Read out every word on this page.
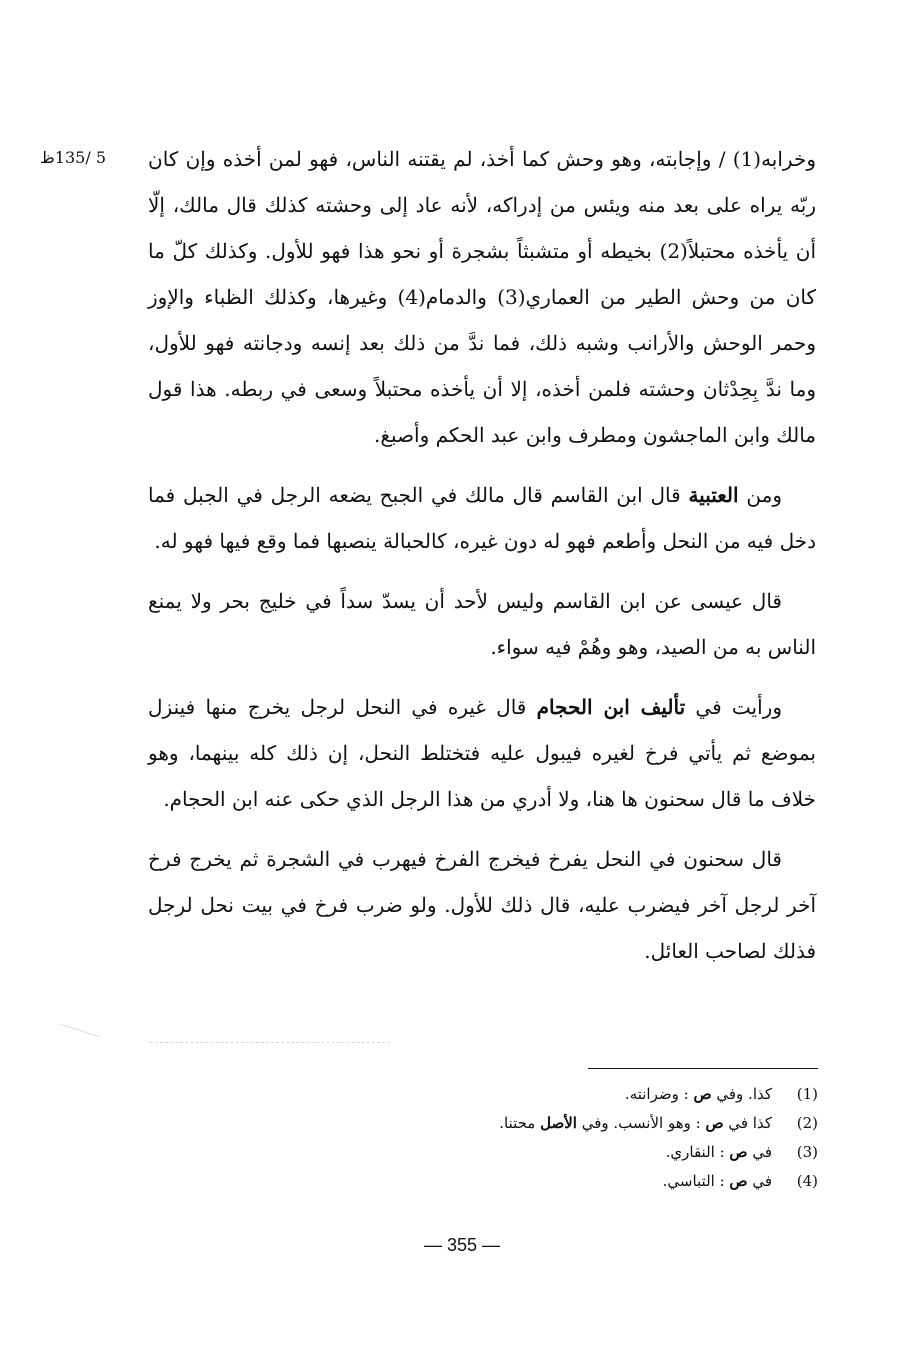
5 /135ظ وخرابه(1) / وإجابته، وهو وحش كما أخذ، لم يقتنه الناس، فهو لمن أخذه وإن كان ربّه يراه على بعد منه ويئس من إدراكه، لأنه عاد إلى وحشته كذلك قال مالك، إلّا أن يأخذه محتبلاً(2) بخيطه أو متشبثاً بشجرة أو نحو هذا فهو للأول. وكذلك كلّ ما كان من وحش الطير من العماري(3) والدمام(4) وغيرها، وكذلك الظباء والإوز وحمر الوحش والأرانب وشبه ذلك، فما ندَّ من ذلك بعد إنسه ودجانته فهو للأول، وما ندَّ بِحِدْثان وحشته فلمن أخذه، إلا أن يأخذه محتبلاً وسعى في ربطه. هذا قول مالك وابن الماجشون ومطرف وابن عبد الحكم وأصبغ.

ومن العتبية قال ابن القاسم قال مالك في الجبح يضعه الرجل في الجبل فما دخل فيه من النحل وأطعم فهو له دون غيره، كالحبالة ينصبها فما وقع فيها فهو له.

قال عيسى عن ابن القاسم وليس لأحد أن يسدّ سداً في خليج بحر ولا يمنع الناس به من الصيد، وهو وهُمْ فيه سواء.

ورأيت في تأليف ابن الحجام قال غيره في النحل لرجل يخرج منها فينزل بموضع ثم يأتي فرخ لغيره فيبول عليه فتختلط النحل، إن ذلك كله بينهما، وهو خلاف ما قال سحنون ها هنا، ولا أدري من هذا الرجل الذي حكى عنه ابن الحجام.

قال سحنون في النحل يفرخ فيخرج الفرخ فيهرب في الشجرة ثم يخرج فرخ آخر لرجل آخر فيضرب عليه، قال ذلك للأول. ولو ضرب فرخ في بيت نحل لرجل فذلك لصاحب العائل.

(1)
كذا. وفي ص : وضرانته.
(2)
كذا في ص : وهو الأنسب. وفي الأصل محتنا.
(3)
في ص : النقاري.
(4)
في ص : التباسي.
— 355 —
